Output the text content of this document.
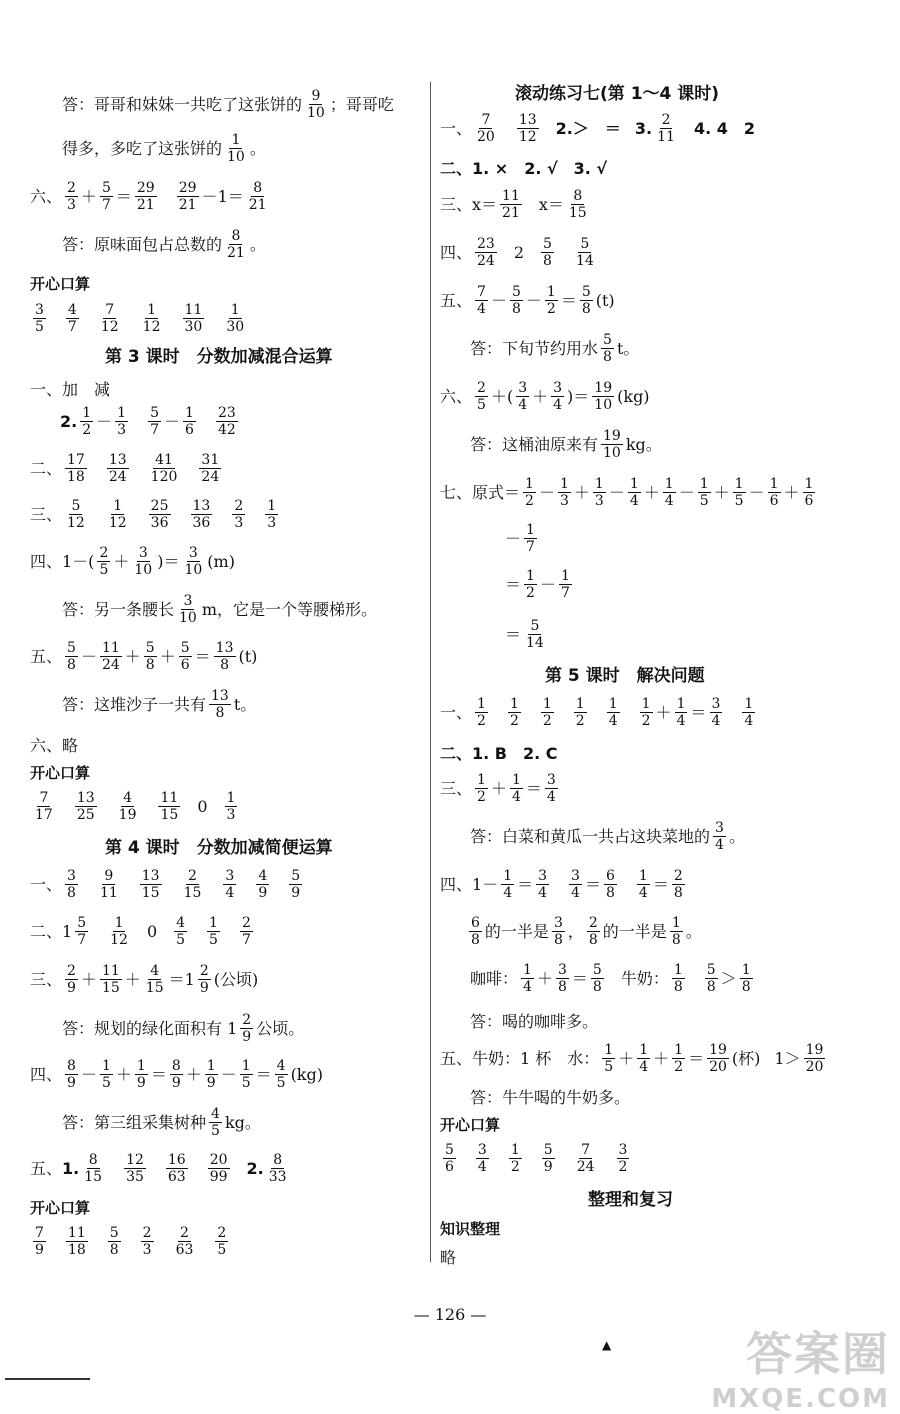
答：哥哥和妹妹一共吃了这张饼的 $\frac{9}{10}$ ；哥哥吃
得多，多吃了这张饼的 $\frac{1}{10}$ 。
六、 $\frac{2}{3} + \frac{5}{7} = \frac{29}{21} \frac{29}{21} - 1 = \frac{8}{21}$
答：原味面包占总数的 $\frac{8}{21}$ 。
开心口算
$\frac{3}{5} \frac{4}{7} \frac{7}{12} \frac{1}{12} \frac{11}{30} \frac{1}{30}$
第 3 课时　分数加减混合运算
一、加　减
2. $\frac{1}{2} - \frac{1}{3} \frac{5}{7} - \frac{1}{6} \frac{23}{42}$
二、 $\frac{17}{18} \frac{13}{24} \frac{41}{120} \frac{31}{24}$
三、 $\frac{5}{12} \frac{1}{12} \frac{25}{36} \frac{13}{36} \frac{2}{3} \frac{1}{3}$
四、$1-( \frac{2}{5} + \frac{3}{10}$ )＝ $\frac{3}{10} (m)$
答：另一条腰长 $\frac{3}{10}$ m，它是一个等腰梯形。
五、 $\frac{5}{8} - \frac{11}{24} + \frac{5}{8} + \frac{5}{6} = \frac{13}{8} (t)$
答：这堆沙子一共有 $\frac{13}{8}$ t。
六、略
开心口算
$\frac{7}{17} \frac{13}{25} \frac{4}{19} \frac{11}{15} 0 \frac{1}{3}$
第 4 课时　分数加减简便运算
一、 $\frac{3}{8} \frac{9}{11} \frac{13}{15} \frac{2}{15} \frac{3}{4} \frac{4}{9} \frac{5}{9}$
二、$1 \frac{5}{7} \frac{1}{12} 0 \frac{4}{5} \frac{1}{5} \frac{2}{7}$
三、 $\frac{2}{9} + \frac{11}{15} + \frac{4}{15} =1 \frac{2}{9}$ (公顷)
答：规划的绿化面积有 $1 \frac{2}{9}$ 公顷。
四、 $\frac{8}{9} - \frac{1}{5} + \frac{1}{9} = \frac{8}{9} + \frac{1}{9} - \frac{1}{5} = \frac{4}{5} (kg)$
答：第三组采集树种 $\frac{4}{5}$ kg。
五、 1. $\frac{8}{15} \frac{12}{35} \frac{16}{63} \frac{20}{99} 2$. $\frac{8}{33}$
开心口算
$\frac{7}{9} \frac{11}{18} \frac{5}{8} \frac{2}{3} \frac{2}{63} \frac{2}{5}$
滚动练习七(第 1～4 课时)
一、 $\frac{7}{20} \frac{13}{12} 2.>$　＝ 3. $\frac{2}{11} 4$. 4　2
二、1. ×　2. √　3. √
三、$x= \frac{11}{21} x= \frac{8}{15}$
四、 $\frac{23}{24} 2 \frac{5}{8} \frac{5}{14}$
五、 $\frac{7}{4} - \frac{5}{8} - \frac{1}{2} = \frac{5}{8} (t)$
答：下旬节约用水 $\frac{5}{8}$ t。
六、 $\frac{2}{5}$ ＋( $\frac{3}{4} + \frac{3}{4}$ )＝ $\frac{19}{10} (kg)$
答：这桶油原来有 $\frac{19}{10}$ kg。
七、原式＝ $\frac{1}{2} - \frac{1}{3} + \frac{1}{3} - \frac{1}{4} + \frac{1}{4} - \frac{1}{5} + \frac{1}{5} - \frac{1}{6} + \frac{1}{6}$
－ $\frac{1}{7}$
＝ $\frac{1}{2} - \frac{1}{7}$
＝ $\frac{5}{14}$
第 5 课时　解决问题
一、 $\frac{1}{2} \frac{1}{2} \frac{1}{2} \frac{1}{2} \frac{1}{4} \frac{1}{2} + \frac{1}{4} = \frac{3}{4} \frac{1}{4}$
二、1. B　2. C
三、 $\frac{1}{2} + \frac{1}{4} = \frac{3}{4}$
答：白菜和黄瓜一共占这块菜地的 $\frac{3}{4}$ 。
四、$1- \frac{1}{4} = \frac{3}{4} \frac{3}{4} = \frac{6}{8} \frac{1}{4} = \frac{2}{8}$
$\frac{6}{8}$ 的一半是 $\frac{3}{8}$ ， $\frac{2}{8}$ 的一半是 $\frac{1}{8}$ 。
咖啡： $\frac{1}{4} + \frac{3}{8} = \frac{5}{8}$ 牛奶： $\frac{1}{8} \frac{5}{8} > \frac{1}{8}$
答：喝的咖啡多。
五、牛奶：1 杯　水： $\frac{1}{5} + \frac{1}{4} + \frac{1}{2} = \frac{19}{20}$ (杯) $1> \frac{19}{20}$
答：牛牛喝的牛奶多。
开心口算
$\frac{5}{6} \frac{3}{4} \frac{1}{2} \frac{5}{9} \frac{7}{24} \frac{3}{2}$
整理和复习
知识整理
略
— 126 —
▲	答案圈
MXQE.COM
